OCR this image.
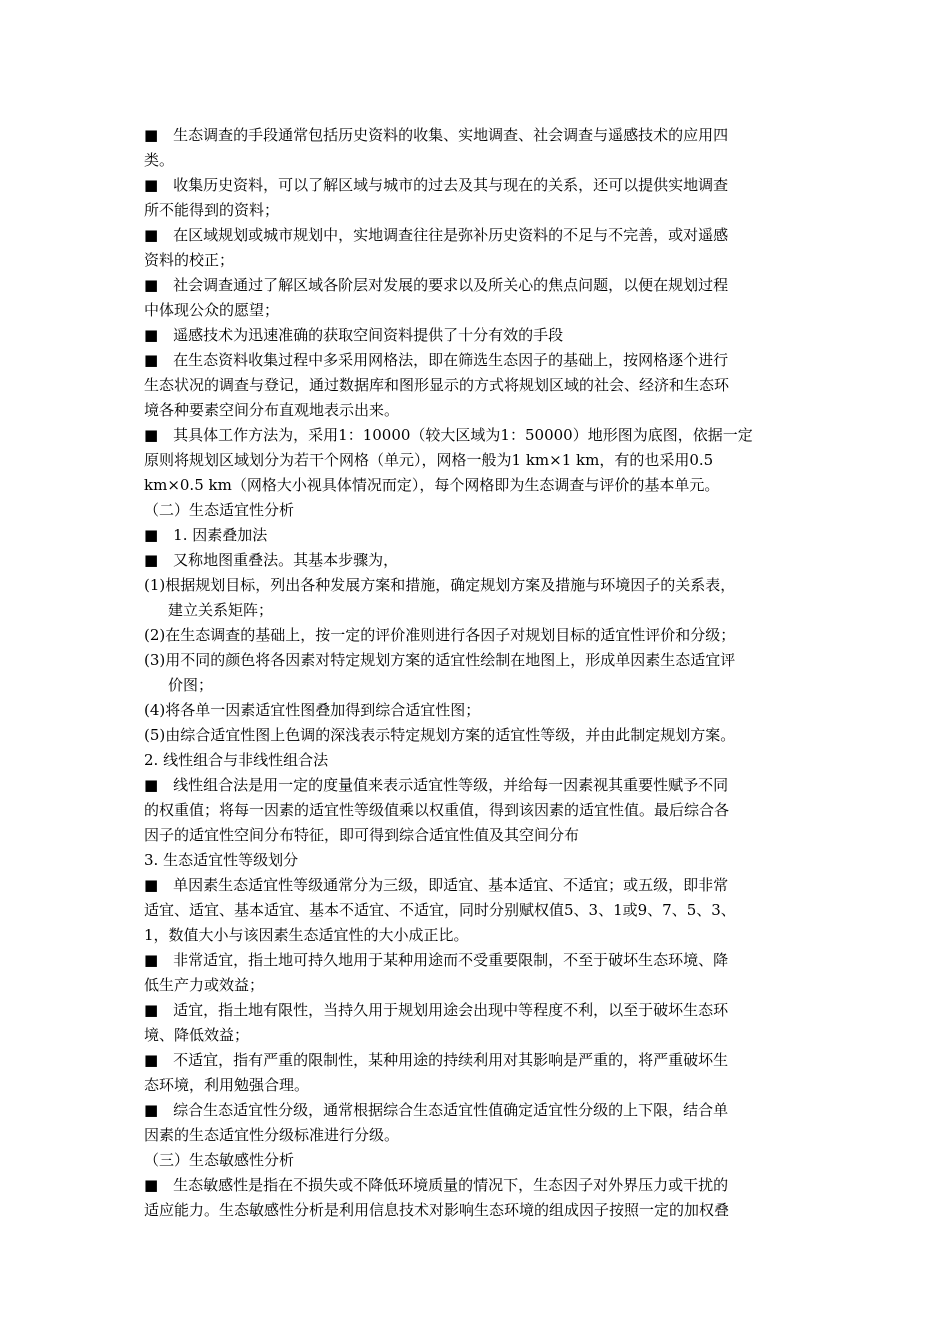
■　生态调查的手段通常包括历史资料的收集、实地调查、社会调查与遥感技术的应用四
类。
■　收集历史资料，可以了解区域与城市的过去及其与现在的关系，还可以提供实地调查
所不能得到的资料；
■　在区域规划或城市规划中，实地调查往往是弥补历史资料的不足与不完善，或对遥感
资料的校正；
■　社会调查通过了解区域各阶层对发展的要求以及所关心的焦点问题，以便在规划过程
中体现公众的愿望；
■　遥感技术为迅速准确的获取空间资料提供了十分有效的手段
■　在生态资料收集过程中多采用网格法，即在筛选生态因子的基础上，按网格逐个进行
生态状况的调查与登记，通过数据库和图形显示的方式将规划区域的社会、经济和生态环
境各种要素空间分布直观地表示出来。
■　其具体工作方法为，采用1：10000（较大区域为1：50000）地形图为底图，依据一定
原则将规划区域划分为若干个网格（单元），网格一般为1 km×1 km，有的也采用0.5
km×0.5 km（网格大小视具体情况而定），每个网格即为生态调查与评价的基本单元。
（二）生态适宜性分析
■　1. 因素叠加法
■　又称地图重叠法。其基本步骤为，
(1)根据规划目标，列出各种发展方案和措施，确定规划方案及措施与环境因子的关系表，
建立关系矩阵；
(2)在生态调查的基础上，按一定的评价准则进行各因子对规划目标的适宜性评价和分级；
(3)用不同的颜色将各因素对特定规划方案的适宜性绘制在地图上，形成单因素生态适宜评
价图；
(4)将各单一因素适宜性图叠加得到综合适宜性图；
(5)由综合适宜性图上色调的深浅表示特定规划方案的适宜性等级，并由此制定规划方案。
2. 线性组合与非线性组合法
■　线性组合法是用一定的度量值来表示适宜性等级，并给每一因素视其重要性赋予不同
的权重值；将每一因素的适宜性等级值乘以权重值，得到该因素的适宜性值。最后综合各
因子的适宜性空间分布特征，即可得到综合适宜性值及其空间分布
3. 生态适宜性等级划分
■　单因素生态适宜性等级通常分为三级，即适宜、基本适宜、不适宜；或五级，即非常
适宜、适宜、基本适宜、基本不适宜、不适宜，同时分别赋权值5、3、1或9、7、5、3、
1，数值大小与该因素生态适宜性的大小成正比。
■　非常适宜，指土地可持久地用于某种用途而不受重要限制，不至于破坏生态环境、降
低生产力或效益；
■　适宜，指土地有限性，当持久用于规划用途会出现中等程度不利，以至于破坏生态环
境、降低效益；
■　不适宜，指有严重的限制性，某种用途的持续利用对其影响是严重的，将严重破坏生
态环境，利用勉强合理。
■　综合生态适宜性分级，通常根据综合生态适宜性值确定适宜性分级的上下限，结合单
因素的生态适宜性分级标准进行分级。
（三）生态敏感性分析
■　生态敏感性是指在不损失或不降低环境质量的情况下，生态因子对外界压力或干扰的
适应能力。生态敏感性分析是利用信息技术对影响生态环境的组成因子按照一定的加权叠
